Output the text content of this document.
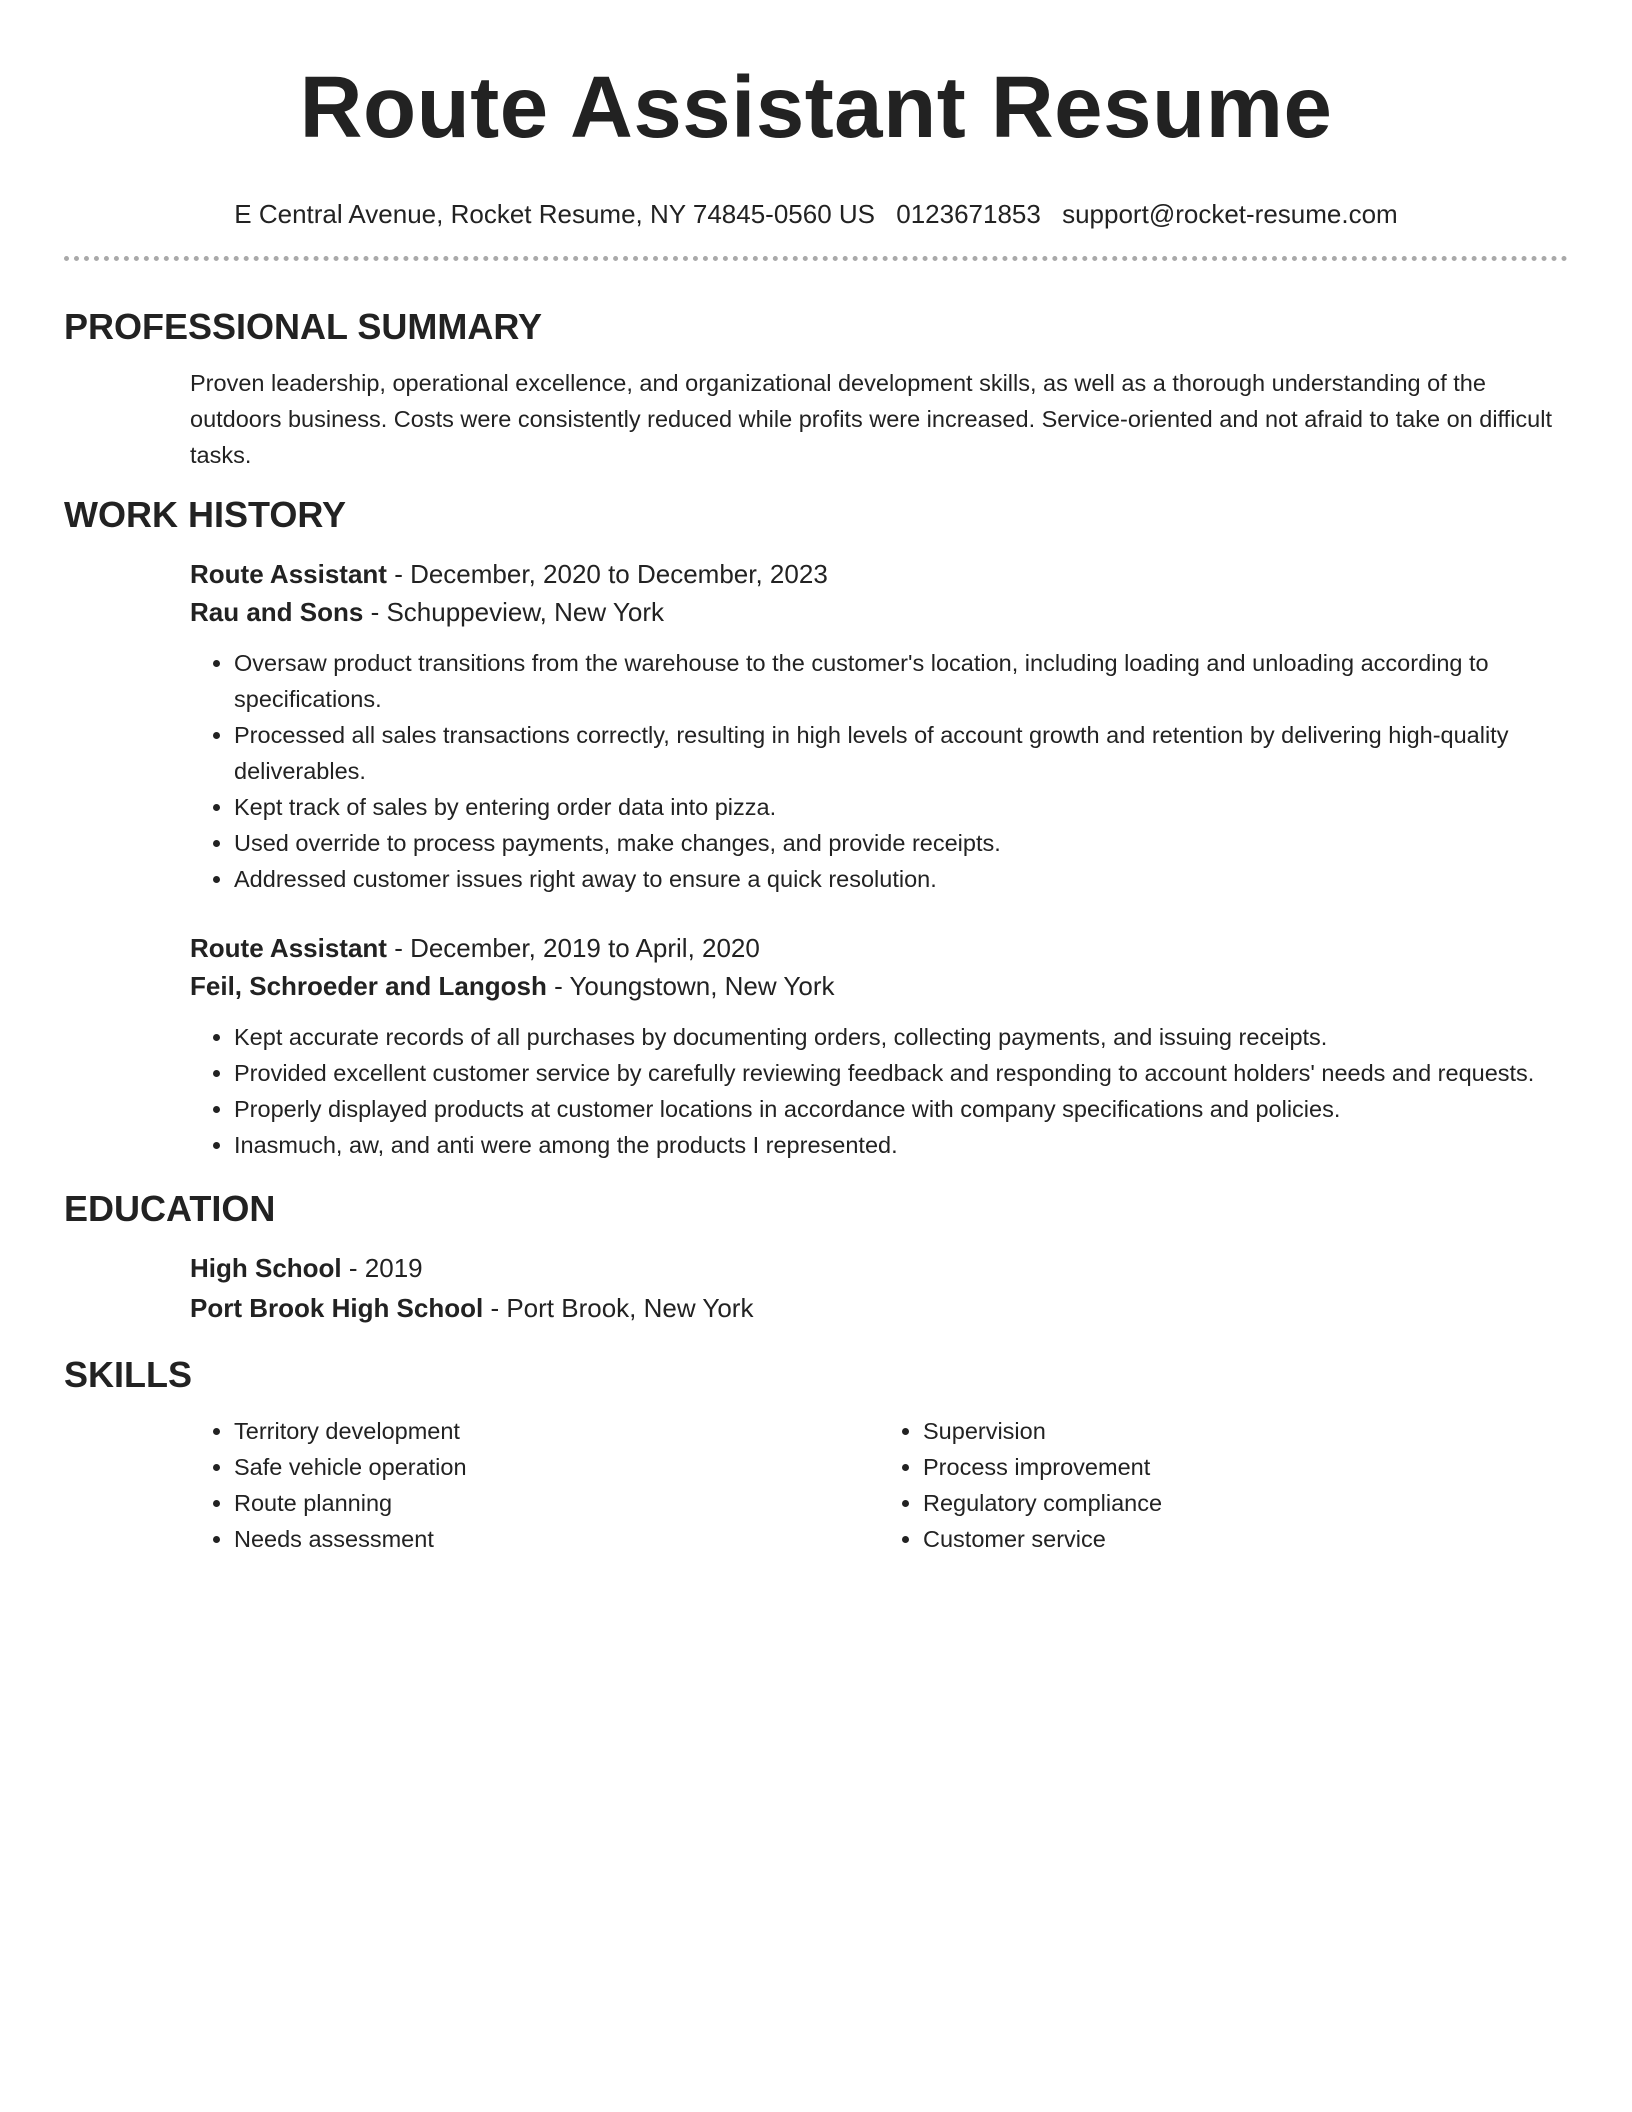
Route Assistant Resume
E Central Avenue, Rocket Resume, NY 74845-0560 US 0123671853 support@rocket-resume.com
PROFESSIONAL SUMMARY

Proven leadership, operational excellence, and organizational development skills, as well as a thorough understanding of the outdoors business. Costs were consistently reduced while profits were increased. Service-oriented and not afraid to take on difficult tasks.

WORK HISTORY
Route Assistant - December, 2020 to December, 2023
Rau and Sons - Schuppeview, New York
• Oversaw product transitions from the warehouse to the customer's location, including loading and unloading according to specifications.
• Processed all sales transactions correctly, resulting in high levels of account growth and retention by delivering high-quality deliverables.
• Kept track of sales by entering order data into pizza.
• Used override to process payments, make changes, and provide receipts.
• Addressed customer issues right away to ensure a quick resolution.
Route Assistant - December, 2019 to April, 2020
Feil, Schroeder and Langosh - Youngstown, New York
• Kept accurate records of all purchases by documenting orders, collecting payments, and issuing receipts.
• Provided excellent customer service by carefully reviewing feedback and responding to account holders' needs and requests.
• Properly displayed products at customer locations in accordance with company specifications and policies.
• Inasmuch, aw, and anti were among the products I represented.
EDUCATION
High School - 2019
Port Brook High School - Port Brook, New York
SKILLS
• Territory development
• Safe vehicle operation
• Route planning
• Needs assessment
• Supervision
• Process improvement
• Regulatory compliance
• Customer service
